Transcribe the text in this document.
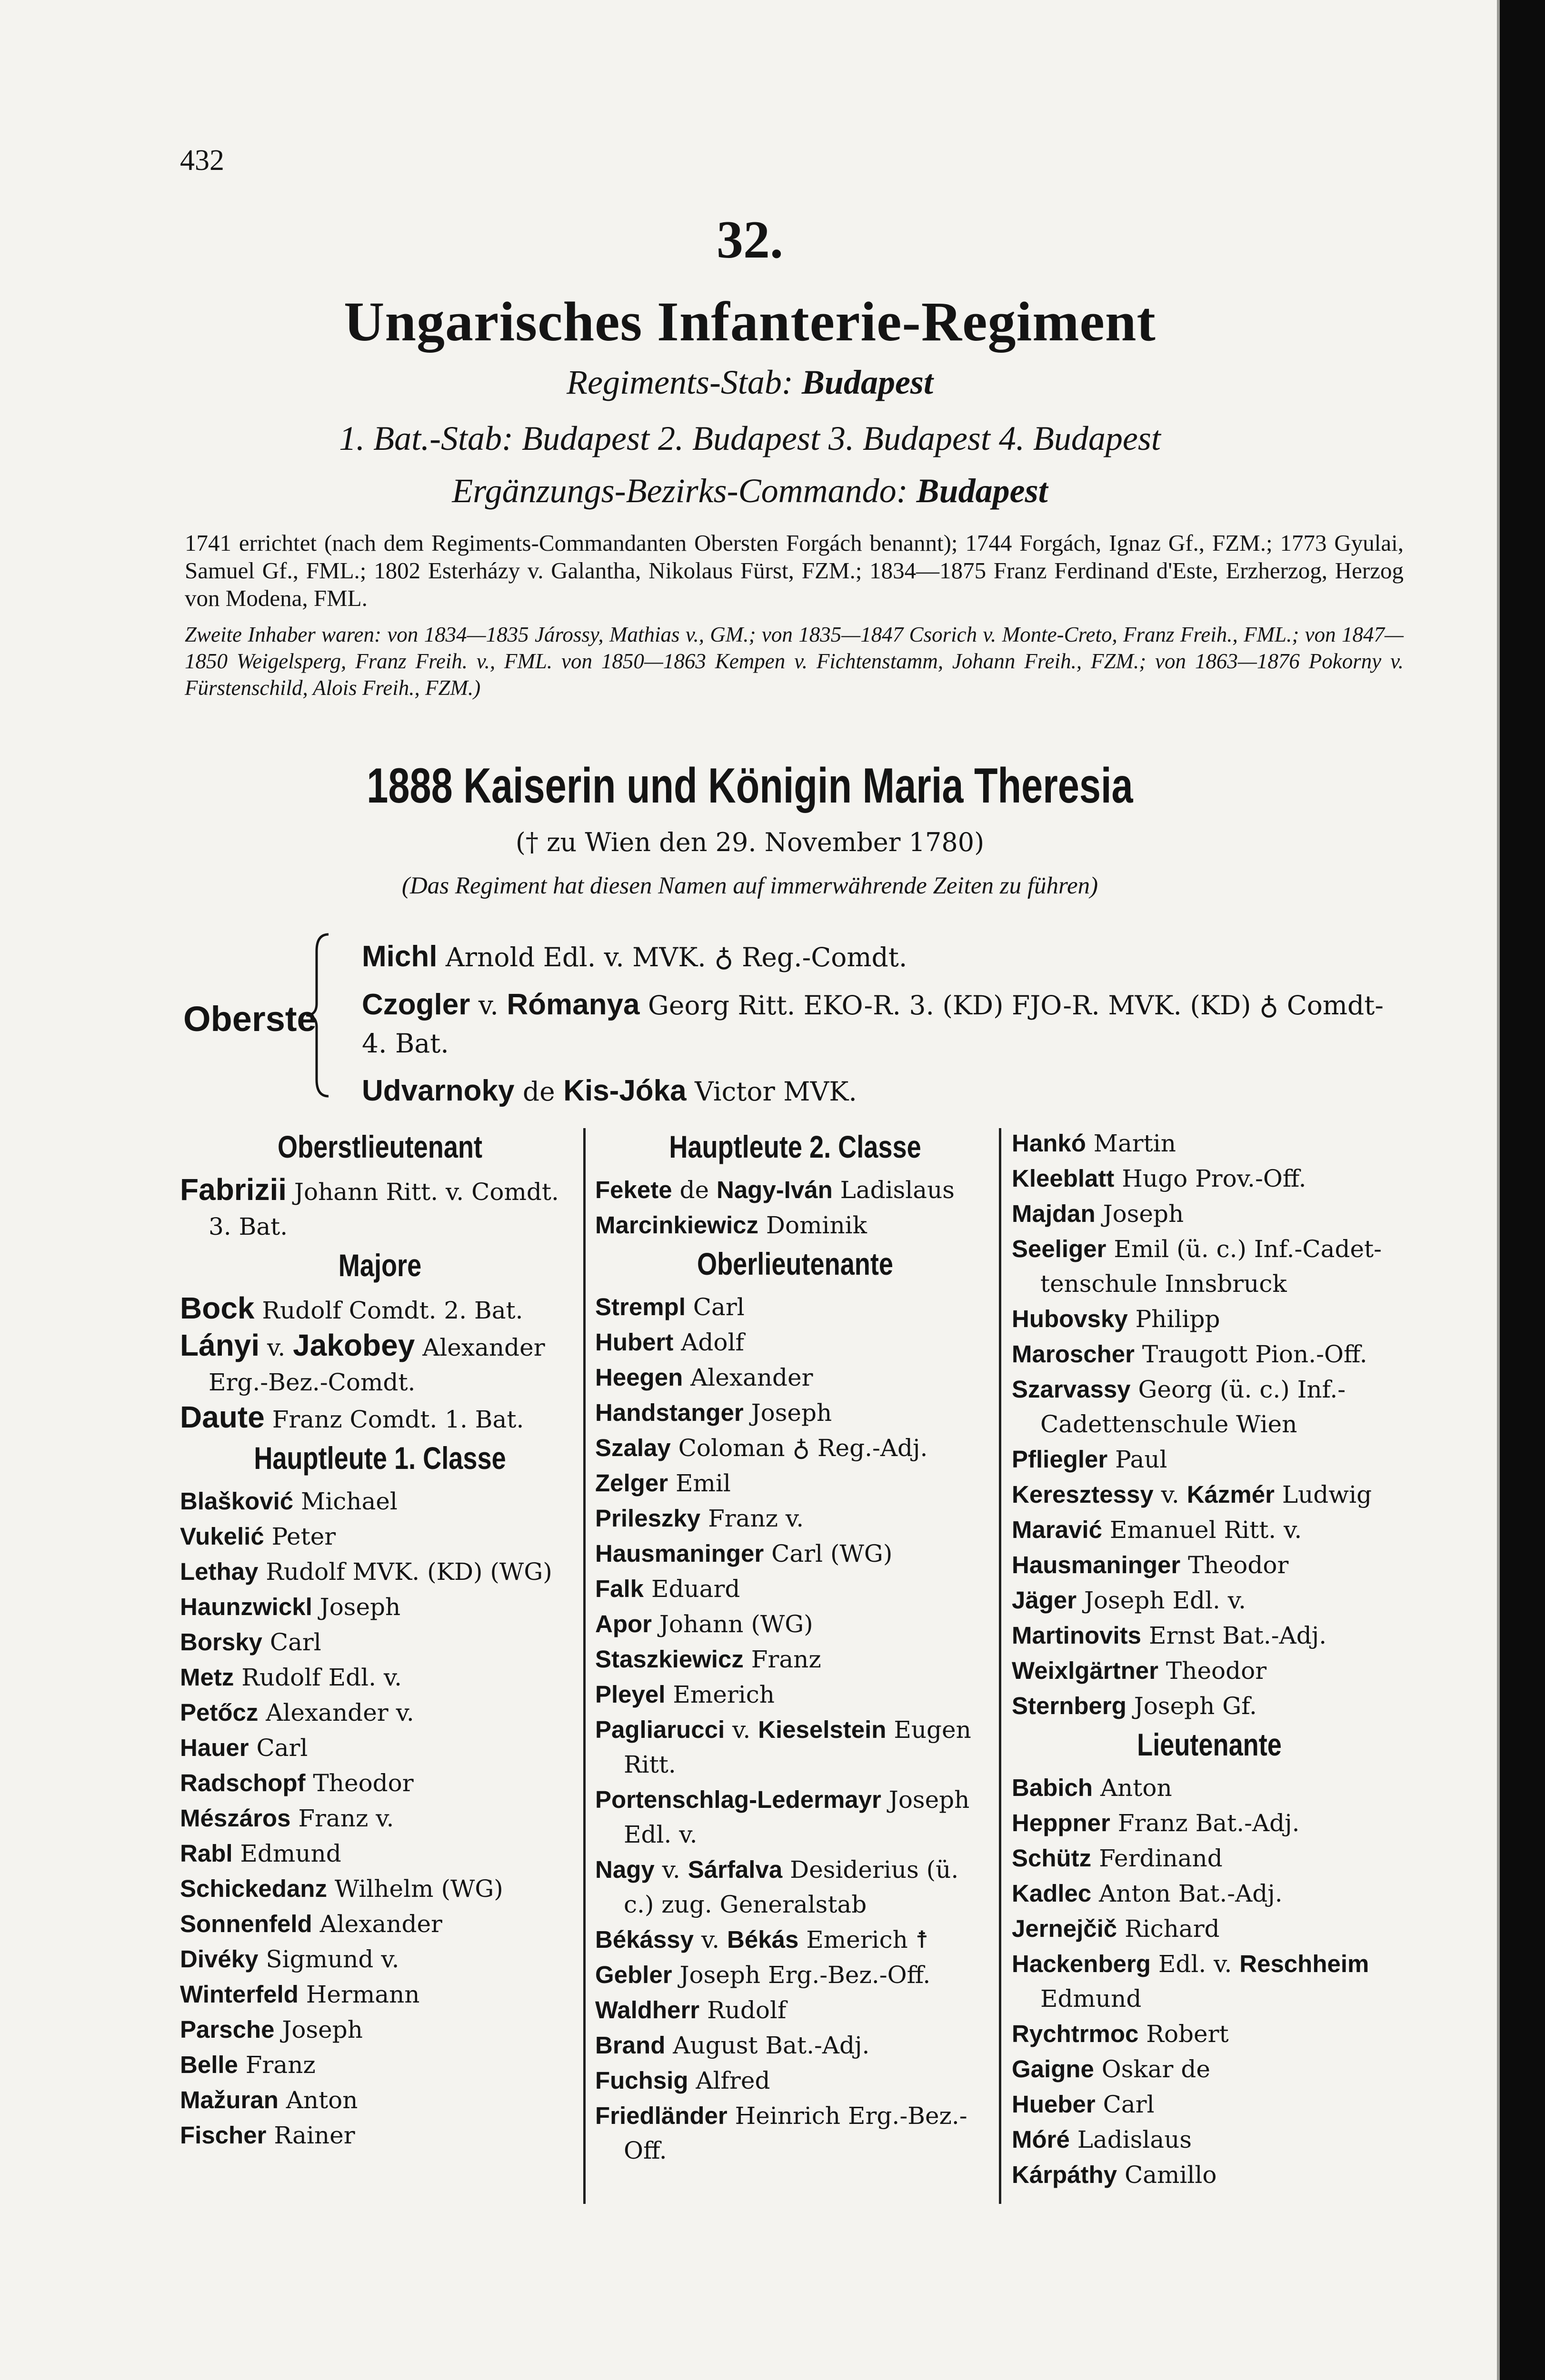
432
32.
Ungarisches Infanterie-Regiment
Regiments-Stab: Budapest
1. Bat.-Stab: Budapest 2. Budapest 3. Budapest 4. Budapest
Ergänzungs-Bezirks-Commando: Budapest
1741 errichtet (nach dem Regiments-Commandanten Obersten Forgách benannt); 1744 Forgách, Ignaz Gf., FZM.; 1773 Gyulai, Samuel Gf., FML.; 1802 Esterházy v. Galantha, Nikolaus Fürst, FZM.; 1834—1875 Franz Ferdinand d'Este, Erzherzog, Herzog von Modena, FML.
Zweite Inhaber waren: von 1834—1835 Járossy, Mathias v., GM.; von 1835—1847 Csorich v. Monte-Creto, Franz Freih., FML.; von 1847—1850 Weigelsperg, Franz Freih. v., FML. von 1850—1863 Kempen v. Fichtenstamm, Johann Freih., FZM.; von 1863—1876 Pokorny v. Fürstenschild, Alois Freih., FZM.)
1888 Kaiserin und Königin Maria Theresia
(† zu Wien den 29. November 1780)
(Das Regiment hat diesen Namen auf immerwährende Zeiten zu führen)
Oberste
Michl Arnold Edl. v. MVK. ♁ Reg.-Comdt.
Czogler v. Rómanya Georg Ritt. EKO-R. 3. (KD) FJO-R. MVK. (KD) ♁ Comdt-
4. Bat.
Udvarnoky de Kis-Jóka Victor MVK.
Oberstlieutenant
Fabrizii Johann Ritt. v. Comdt.
3. Bat.
Majore
Bock Rudolf Comdt. 2. Bat.
Lányi v. Jakobey Alexander
Erg.-Bez.-Comdt.
Daute Franz Comdt. 1. Bat.
Hauptleute 1. Classe
Blašković Michael
Vukelić Peter
Lethay Rudolf MVK. (KD) (WG)
Haunzwickl Joseph
Borsky Carl
Metz Rudolf Edl. v.
Petőcz Alexander v.
Hauer Carl
Radschopf Theodor
Mészáros Franz v.
Rabl Edmund
Schickedanz Wilhelm (WG)
Sonnenfeld Alexander
Divéky Sigmund v.
Winterfeld Hermann
Parsche Joseph
Belle Franz
Mažuran Anton
Fischer Rainer
Hauptleute 2. Classe
Fekete de Nagy-Iván Ladislaus
Marcinkiewicz Dominik
Oberlieutenante
Strempl Carl
Hubert Adolf
Heegen Alexander
Handstanger Joseph
Szalay Coloman ♁ Reg.-Adj.
Zelger Emil
Prileszky Franz v.
Hausmaninger Carl (WG)
Falk Eduard
Apor Johann (WG)
Staszkiewicz Franz
Pleyel Emerich
Pagliarucci v. Kieselstein Eugen
Ritt.
Portenschlag-Ledermayr Joseph
Edl. v.
Nagy v. Sárfalva Desiderius (ü.
c.) zug. Generalstab
Békássy v. Békás Emerich ☨
Gebler Joseph Erg.-Bez.-Off.
Waldherr Rudolf
Brand August Bat.-Adj.
Fuchsig Alfred
Friedländer Heinrich Erg.-Bez.-
Off.
Hankó Martin
Kleeblatt Hugo Prov.-Off.
Majdan Joseph
Seeliger Emil (ü. c.) Inf.-Cadet-
tenschule Innsbruck
Hubovsky Philipp
Maroscher Traugott Pion.-Off.
Szarvassy Georg (ü. c.) Inf.-
Cadettenschule Wien
Pfliegler Paul
Keresztessy v. Kázmér Ludwig
Maravić Emanuel Ritt. v.
Hausmaninger Theodor
Jäger Joseph Edl. v.
Martinovits Ernst Bat.-Adj.
Weixlgärtner Theodor
Sternberg Joseph Gf.
Lieutenante
Babich Anton
Heppner Franz Bat.-Adj.
Schütz Ferdinand
Kadlec Anton Bat.-Adj.
Jernejčič Richard
Hackenberg Edl. v. Reschheim
Edmund
Rychtrmoc Robert
Gaigne Oskar de
Hueber Carl
Móré Ladislaus
Kárpáthy Camillo
